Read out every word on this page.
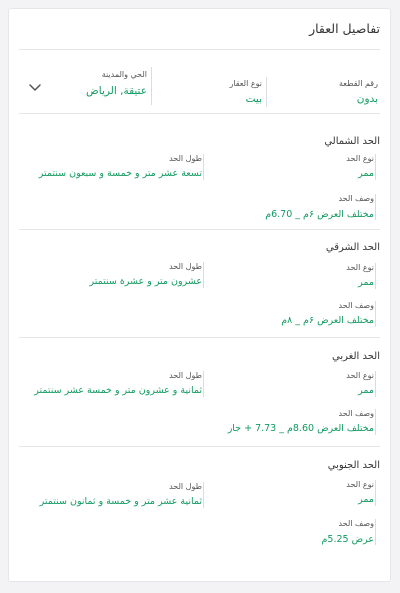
تفاصيل العقار
رقم القطعة
بدون
نوع العقار
بيت
الحي والمدينة
عتيقة, الرياض
الحد الشمالي
نوع الحد
ممر
طول الحد
تسعة عشر متر و خمسة و سبعون سنتمتر
وصف الحد
مختلف العرض ۶م _ 6.70م
الحد الشرقي
نوع الحد
ممر
طول الحد
عشرون متر و عشرة سنتمتر
وصف الحد
مختلف العرض ۶م _ ۸م
الحد الغربي
نوع الحد
ممر
طول الحد
ثمانية و عشرون متر و خمسة عشر سنتمتر
وصف الحد
مختلف العرض 8.60م _ 7.73 + جار
الحد الجنوبي
نوع الحد
ممر
طول الحد
ثمانية عشر متر و خمسة و ثمانون سنتمتر
وصف الحد
عرض 5.25م
